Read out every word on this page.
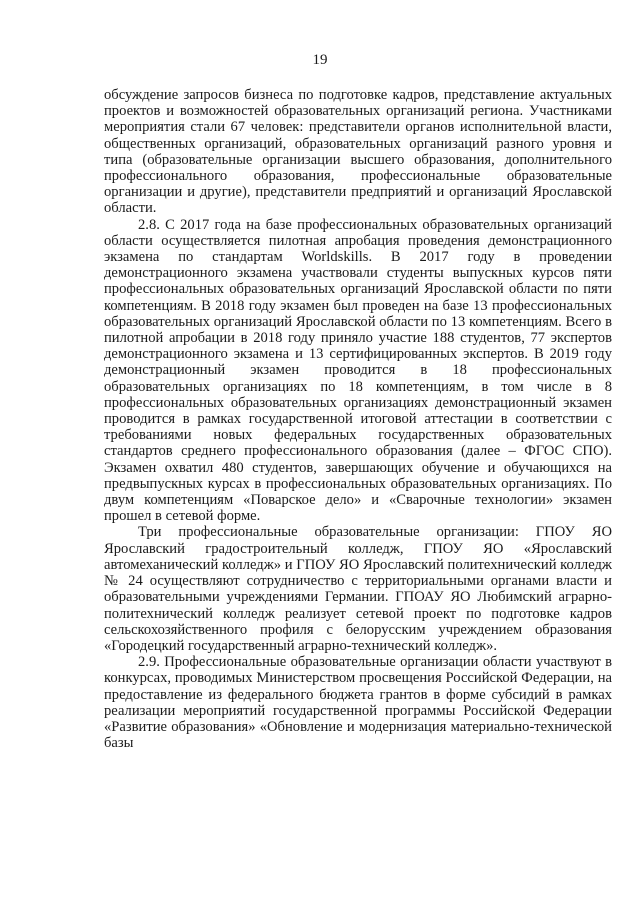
19

обсуждение запросов бизнеса по подготовке кадров, представление актуальных проектов и возможностей образовательных организаций региона. Участниками мероприятия стали 67 человек: представители органов исполнительной власти, общественных организаций, образовательных организаций разного уровня и типа (образовательные организации высшего образования, дополнительного профессионального образования, профессиональные образовательные организации и другие), представители предприятий и организаций Ярославской области.

2.8. С 2017 года на базе профессиональных образовательных организаций области осуществляется пилотная апробация проведения демонстрационного экзамена по стандартам Worldskills. В 2017 году в проведении демонстрационного экзамена участвовали студенты выпускных курсов пяти профессиональных образовательных организаций Ярославской области по пяти компетенциям. В 2018 году экзамен был проведен на базе 13 профессиональных образовательных организаций Ярославской области по 13 компетенциям. Всего в пилотной апробации в 2018 году приняло участие 188 студентов, 77 экспертов демонстрационного экзамена и 13 сертифицированных экспертов. В 2019 году демонстрационный экзамен проводится в 18 профессиональных образовательных организациях по 18 компетенциям, в том числе в 8 профессиональных образовательных организациях демонстрационный экзамен проводится в рамках государственной итоговой аттестации в соответствии с требованиями новых федеральных государственных образовательных стандартов среднего профессионального образования (далее – ФГОС СПО). Экзамен охватил 480 студентов, завершающих обучение и обучающихся на предвыпускных курсах в профессиональных образовательных организациях. По двум компетенциям «Поварское дело» и «Сварочные технологии» экзамен прошел в сетевой форме.

Три профессиональные образовательные организации: ГПОУ ЯО Ярославский градостроительный колледж, ГПОУ ЯО «Ярославский автомеханический колледж» и ГПОУ ЯО Ярославский политехнический колледж № 24 осуществляют сотрудничество с территориальными органами власти и образовательными учреждениями Германии. ГПОАУ ЯО Любимский аграрно-политехнический колледж реализует сетевой проект по подготовке кадров сельскохозяйственного профиля с белорусским учреждением образования «Городецкий государственный аграрно-технический колледж».

2.9. Профессиональные образовательные организации области участвуют в конкурсах, проводимых Министерством просвещения Российской Федерации, на предоставление из федерального бюджета грантов в форме субсидий в рамках реализации мероприятий государственной программы Российской Федерации «Развитие образования» «Обновление и модернизация материально-технической базы
